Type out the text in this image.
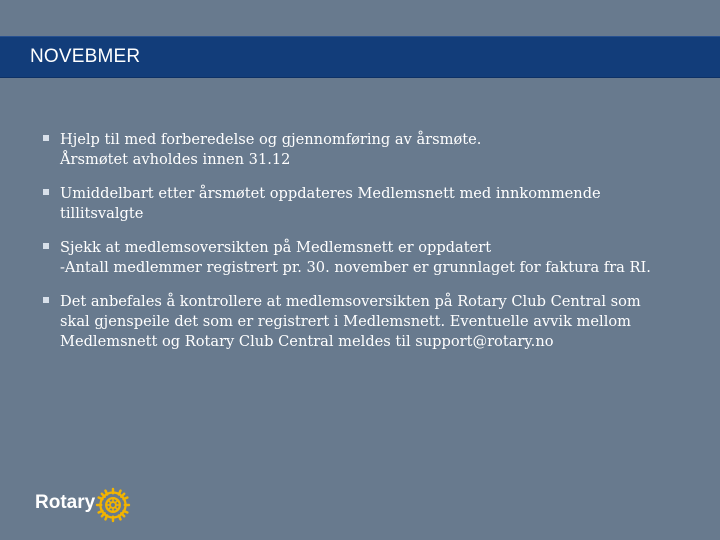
NOVEBMER
Hjelp til med forberedelse og gjennomføring av årsmøte.
Årsmøtet avholdes innen 31.12
Umiddelbart etter årsmøtet oppdateres Medlemsnett med innkommende
tillitsvalgte
Sjekk at medlemsoversikten på Medlemsnett er oppdatert
-Antall medlemmer registrert pr. 30. november er grunnlaget for faktura fra RI.
Det anbefales å kontrollere at medlemsoversikten på Rotary Club Central som
skal gjenspeile det som er registrert i Medlemsnett. Eventuelle avvik mellom
Medlemsnett og Rotary Club Central meldes til support@rotary.no
Rotary
